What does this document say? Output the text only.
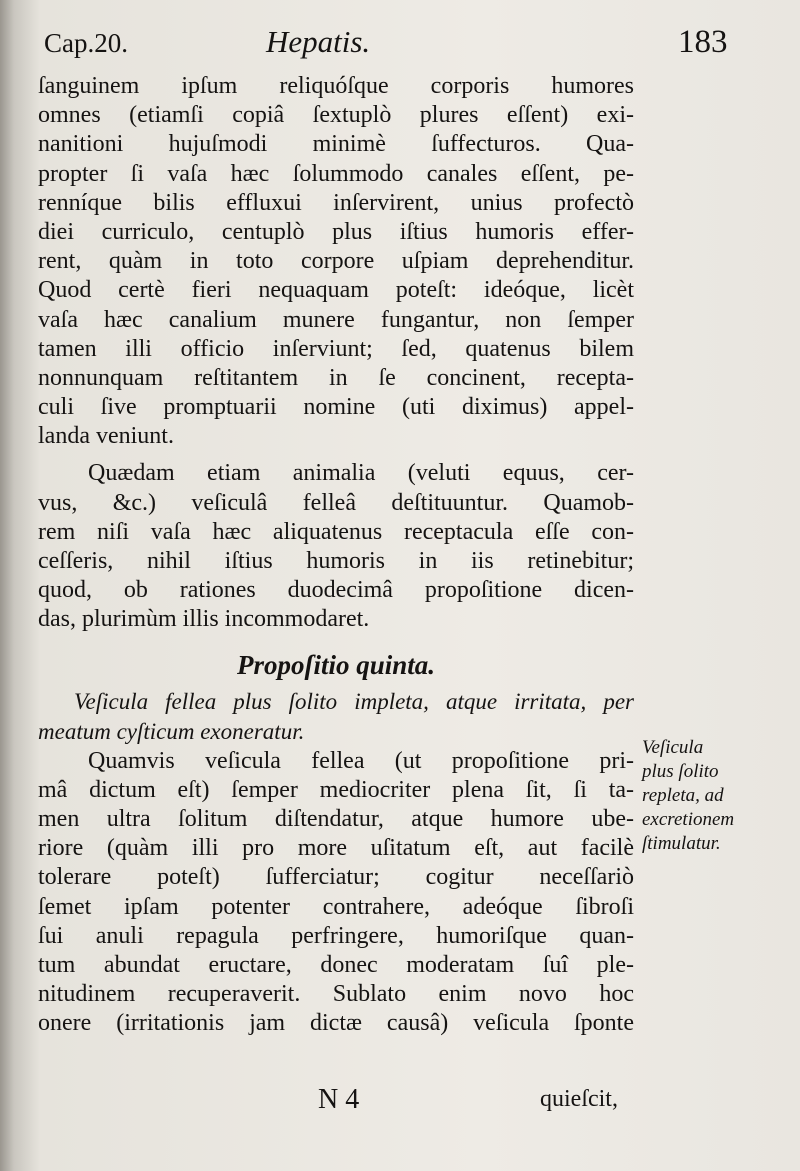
Cap.20.	Hepatis.	183
ſanguinem ipſum reliquóſque corporis humores
omnes (etiamſi copiâ ſextuplò plures eſſent) exi-
nanitioni hujuſmodi minimè ſuffecturos. Qua-
propter ſi vaſa hæc ſolummodo canales eſſent, pe-
renníque bilis effluxui inſervirent, unius profectò
diei curriculo, centuplò plus iſtius humoris effer-
rent, quàm in toto corpore uſpiam deprehenditur.
Quod certè fieri nequaquam poteſt: ideóque, licèt
vaſa hæc canalium munere fungantur, non ſemper
tamen illi officio inſerviunt; ſed, quatenus bilem
nonnunquam reſtitantem in ſe concinent, recepta-
culi ſive promptuarii nomine (uti diximus) appel-
landa veniunt.
Quædam etiam animalia (veluti equus, cer-
vus, &c.) veſiculâ felleâ deſtituuntur. Quamob-
rem niſi vaſa hæc aliquatenus receptacula eſſe con-
ceſſeris, nihil iſtius humoris in iis retinebitur;
quod, ob rationes duodecimâ propoſitione dicen-
das, plurimùm illis incommodaret.
Propoſitio quinta.
Veſicula fellea plus ſolito impleta, atque irritata, per
meatum cyſticum exoneratur.
Quamvis veſicula fellea (ut propoſitione pri-
mâ dictum eſt) ſemper mediocriter plena ſit, ſi ta-
men ultra ſolitum diſtendatur, atque humore ube-
riore (quàm illi pro more uſitatum eſt, aut facilè
tolerare poteſt) ſufferciatur; cogitur neceſſariò
ſemet ipſam potenter contrahere, adeóque ſibroſi
ſui anuli repagula perfringere, humoriſque quan-
tum abundat eructare, donec moderatam ſuî ple-
nitudinem recuperaverit. Sublato enim novo hoc
onere (irritationis jam dictæ causâ) veſicula ſponte
Veſicula
plus ſolito
repleta, ad
excretionem
ſtimulatur.
N 4	quieſcit,
